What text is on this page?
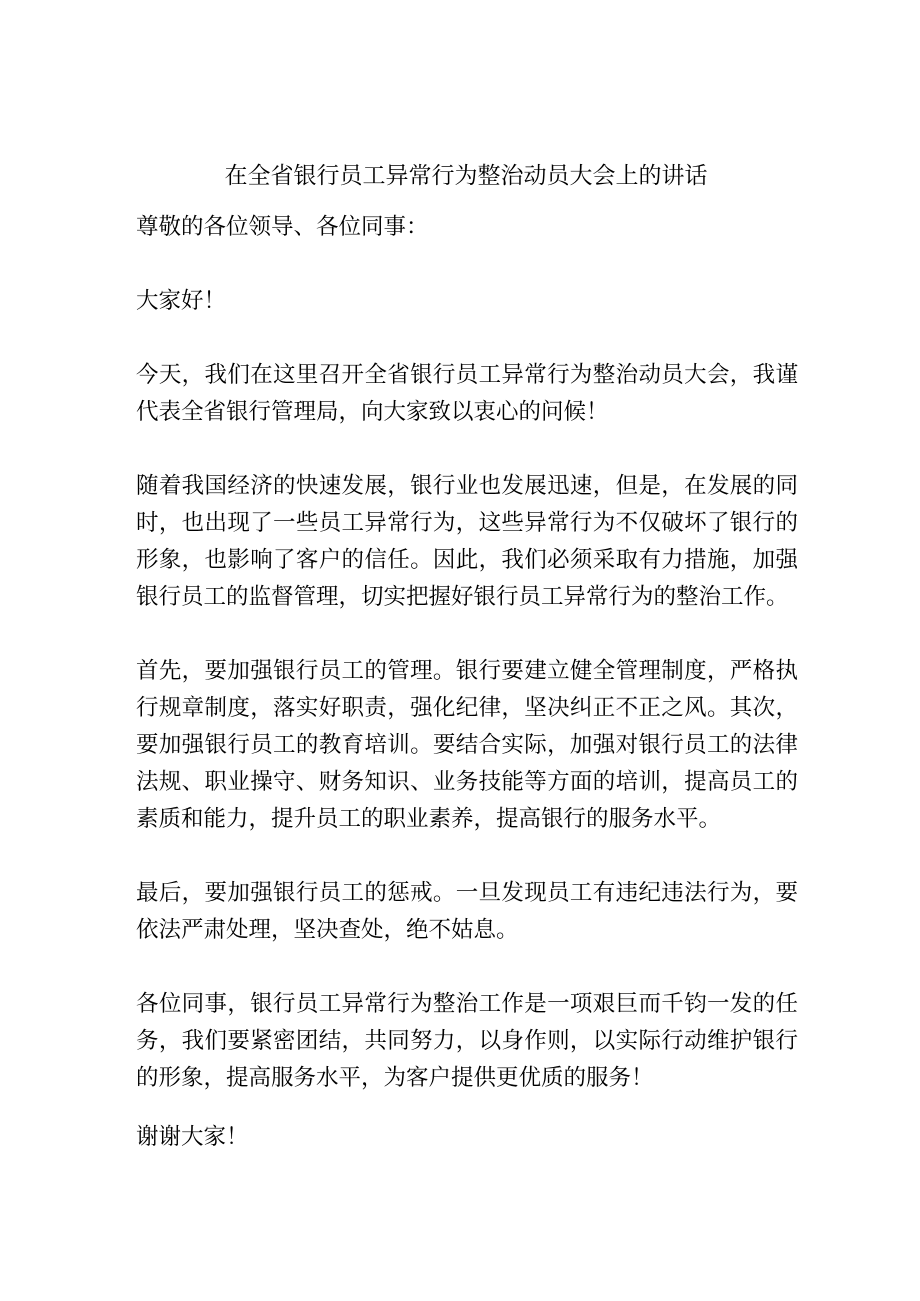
在全省银行员工异常行为整治动员大会上的讲话

尊敬的各位领导、各位同事：

大家好！

今天，我们在这里召开全省银行员工异常行为整治动员大会，我谨代表全省银行管理局，向大家致以衷心的问候！

随着我国经济的快速发展，银行业也发展迅速，但是，在发展的同时，也出现了一些员工异常行为，这些异常行为不仅破坏了银行的形象，也影响了客户的信任。因此，我们必须采取有力措施，加强银行员工的监督管理，切实把握好银行员工异常行为的整治工作。

首先，要加强银行员工的管理。银行要建立健全管理制度，严格执行规章制度，落实好职责，强化纪律，坚决纠正不正之风。其次，要加强银行员工的教育培训。要结合实际，加强对银行员工的法律法规、职业操守、财务知识、业务技能等方面的培训，提高员工的素质和能力，提升员工的职业素养，提高银行的服务水平。

最后，要加强银行员工的惩戒。一旦发现员工有违纪违法行为，要依法严肃处理，坚决查处，绝不姑息。

各位同事，银行员工异常行为整治工作是一项艰巨而千钧一发的任务，我们要紧密团结，共同努力，以身作则，以实际行动维护银行的形象，提高服务水平，为客户提供更优质的服务！

谢谢大家！
